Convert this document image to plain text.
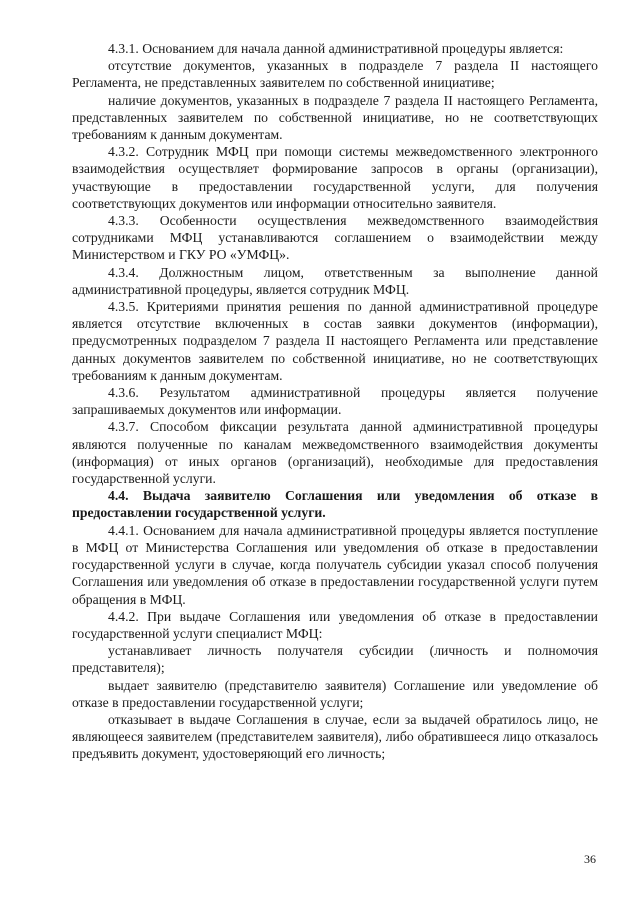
4.3.1. Основанием для начала данной административной процедуры является:

отсутствие документов, указанных в подразделе 7 раздела II настоящего Регламента, не представленных заявителем по собственной инициативе;

наличие документов, указанных в подразделе 7 раздела II настоящего Регламента, представленных заявителем по собственной инициативе, но не соответствующих требованиям к данным документам.

4.3.2. Сотрудник МФЦ при помощи системы межведомственного электронного взаимодействия осуществляет формирование запросов в органы (организации), участвующие в предоставлении государственной услуги, для получения соответствующих документов или информации относительно заявителя.

4.3.3. Особенности осуществления межведомственного взаимодействия сотрудниками МФЦ устанавливаются соглашением о взаимодействии между Министерством и ГКУ РО «УМФЦ».

4.3.4. Должностным лицом, ответственным за выполнение данной административной процедуры, является сотрудник МФЦ.

4.3.5. Критериями принятия решения по данной административной процедуре является отсутствие включенных в состав заявки документов (информации), предусмотренных подразделом 7 раздела II настоящего Регламента или представление данных документов заявителем по собственной инициативе, но не соответствующих требованиям к данным документам.

4.3.6. Результатом административной процедуры является получение запрашиваемых документов или информации.

4.3.7. Способом фиксации результата данной административной процедуры являются полученные по каналам межведомственного взаимодействия документы (информация) от иных органов (организаций), необходимые для предоставления государственной услуги.

4.4. Выдача заявителю Соглашения или уведомления об отказе в предоставлении государственной услуги.

4.4.1. Основанием для начала административной процедуры является поступление в МФЦ от Министерства Соглашения или уведомления об отказе в предоставлении государственной услуги в случае, когда получатель субсидии указал способ получения Соглашения или уведомления об отказе в предоставлении государственной услуги путем обращения в МФЦ.

4.4.2. При выдаче Соглашения или уведомления об отказе в предоставлении государственной услуги специалист МФЦ:

устанавливает личность получателя субсидии (личность и полномочия представителя);

выдает заявителю (представителю заявителя) Соглашение или уведомление об отказе в предоставлении государственной услуги;

отказывает в выдаче Соглашения в случае, если за выдачей обратилось лицо, не являющееся заявителем (представителем заявителя), либо обратившееся лицо отказалось предъявить документ, удостоверяющий его личность;

36
